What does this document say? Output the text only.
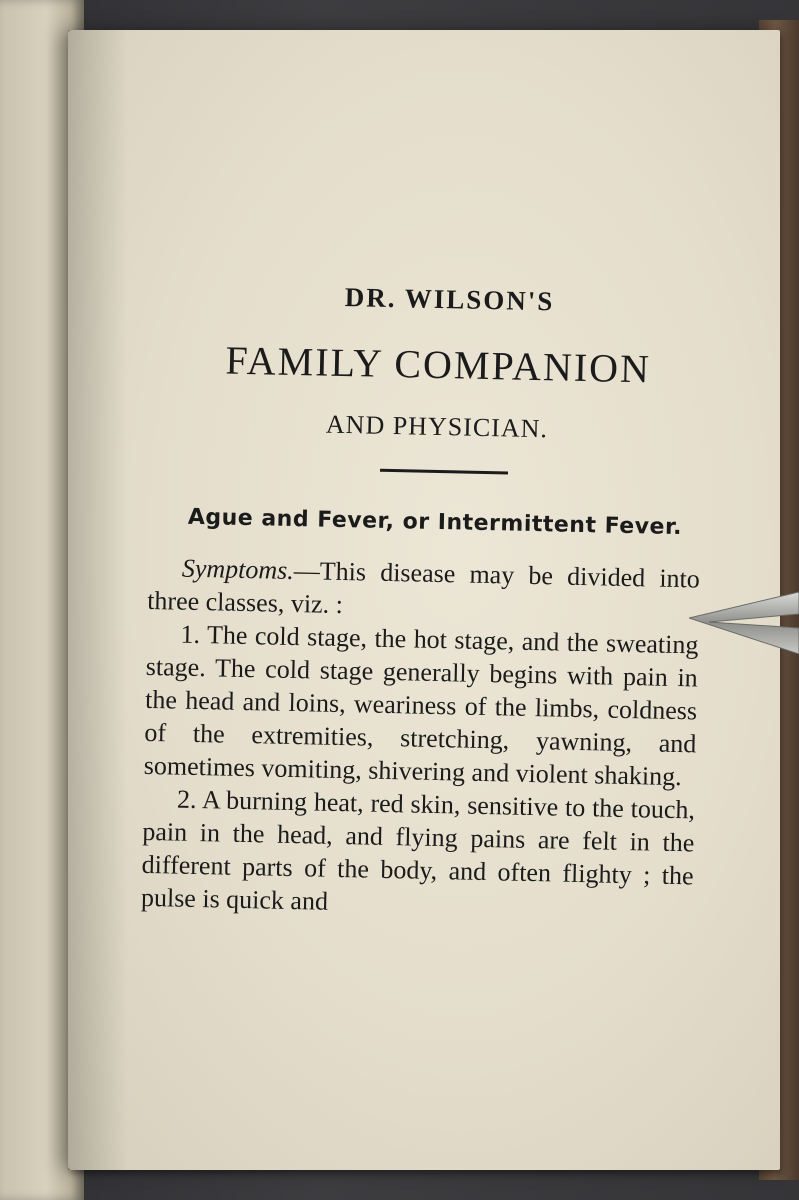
DR. WILSON'S
FAMILY COMPANION
AND PHYSICIAN.
Ague and Fever, or Intermittent Fever.

Symptoms.—This disease may be divided into three classes, viz. :

1. The cold stage, the hot stage, and the sweating stage. The cold stage generally begins with pain in the head and loins, weariness of the limbs, coldness of the extremities, stretching, yawning, and sometimes vomiting, shivering and violent shaking.

2. A burning heat, red skin, sensitive to the touch, pain in the head, and flying pains are felt in the different parts of the body, and often flighty ; the pulse is quick and
